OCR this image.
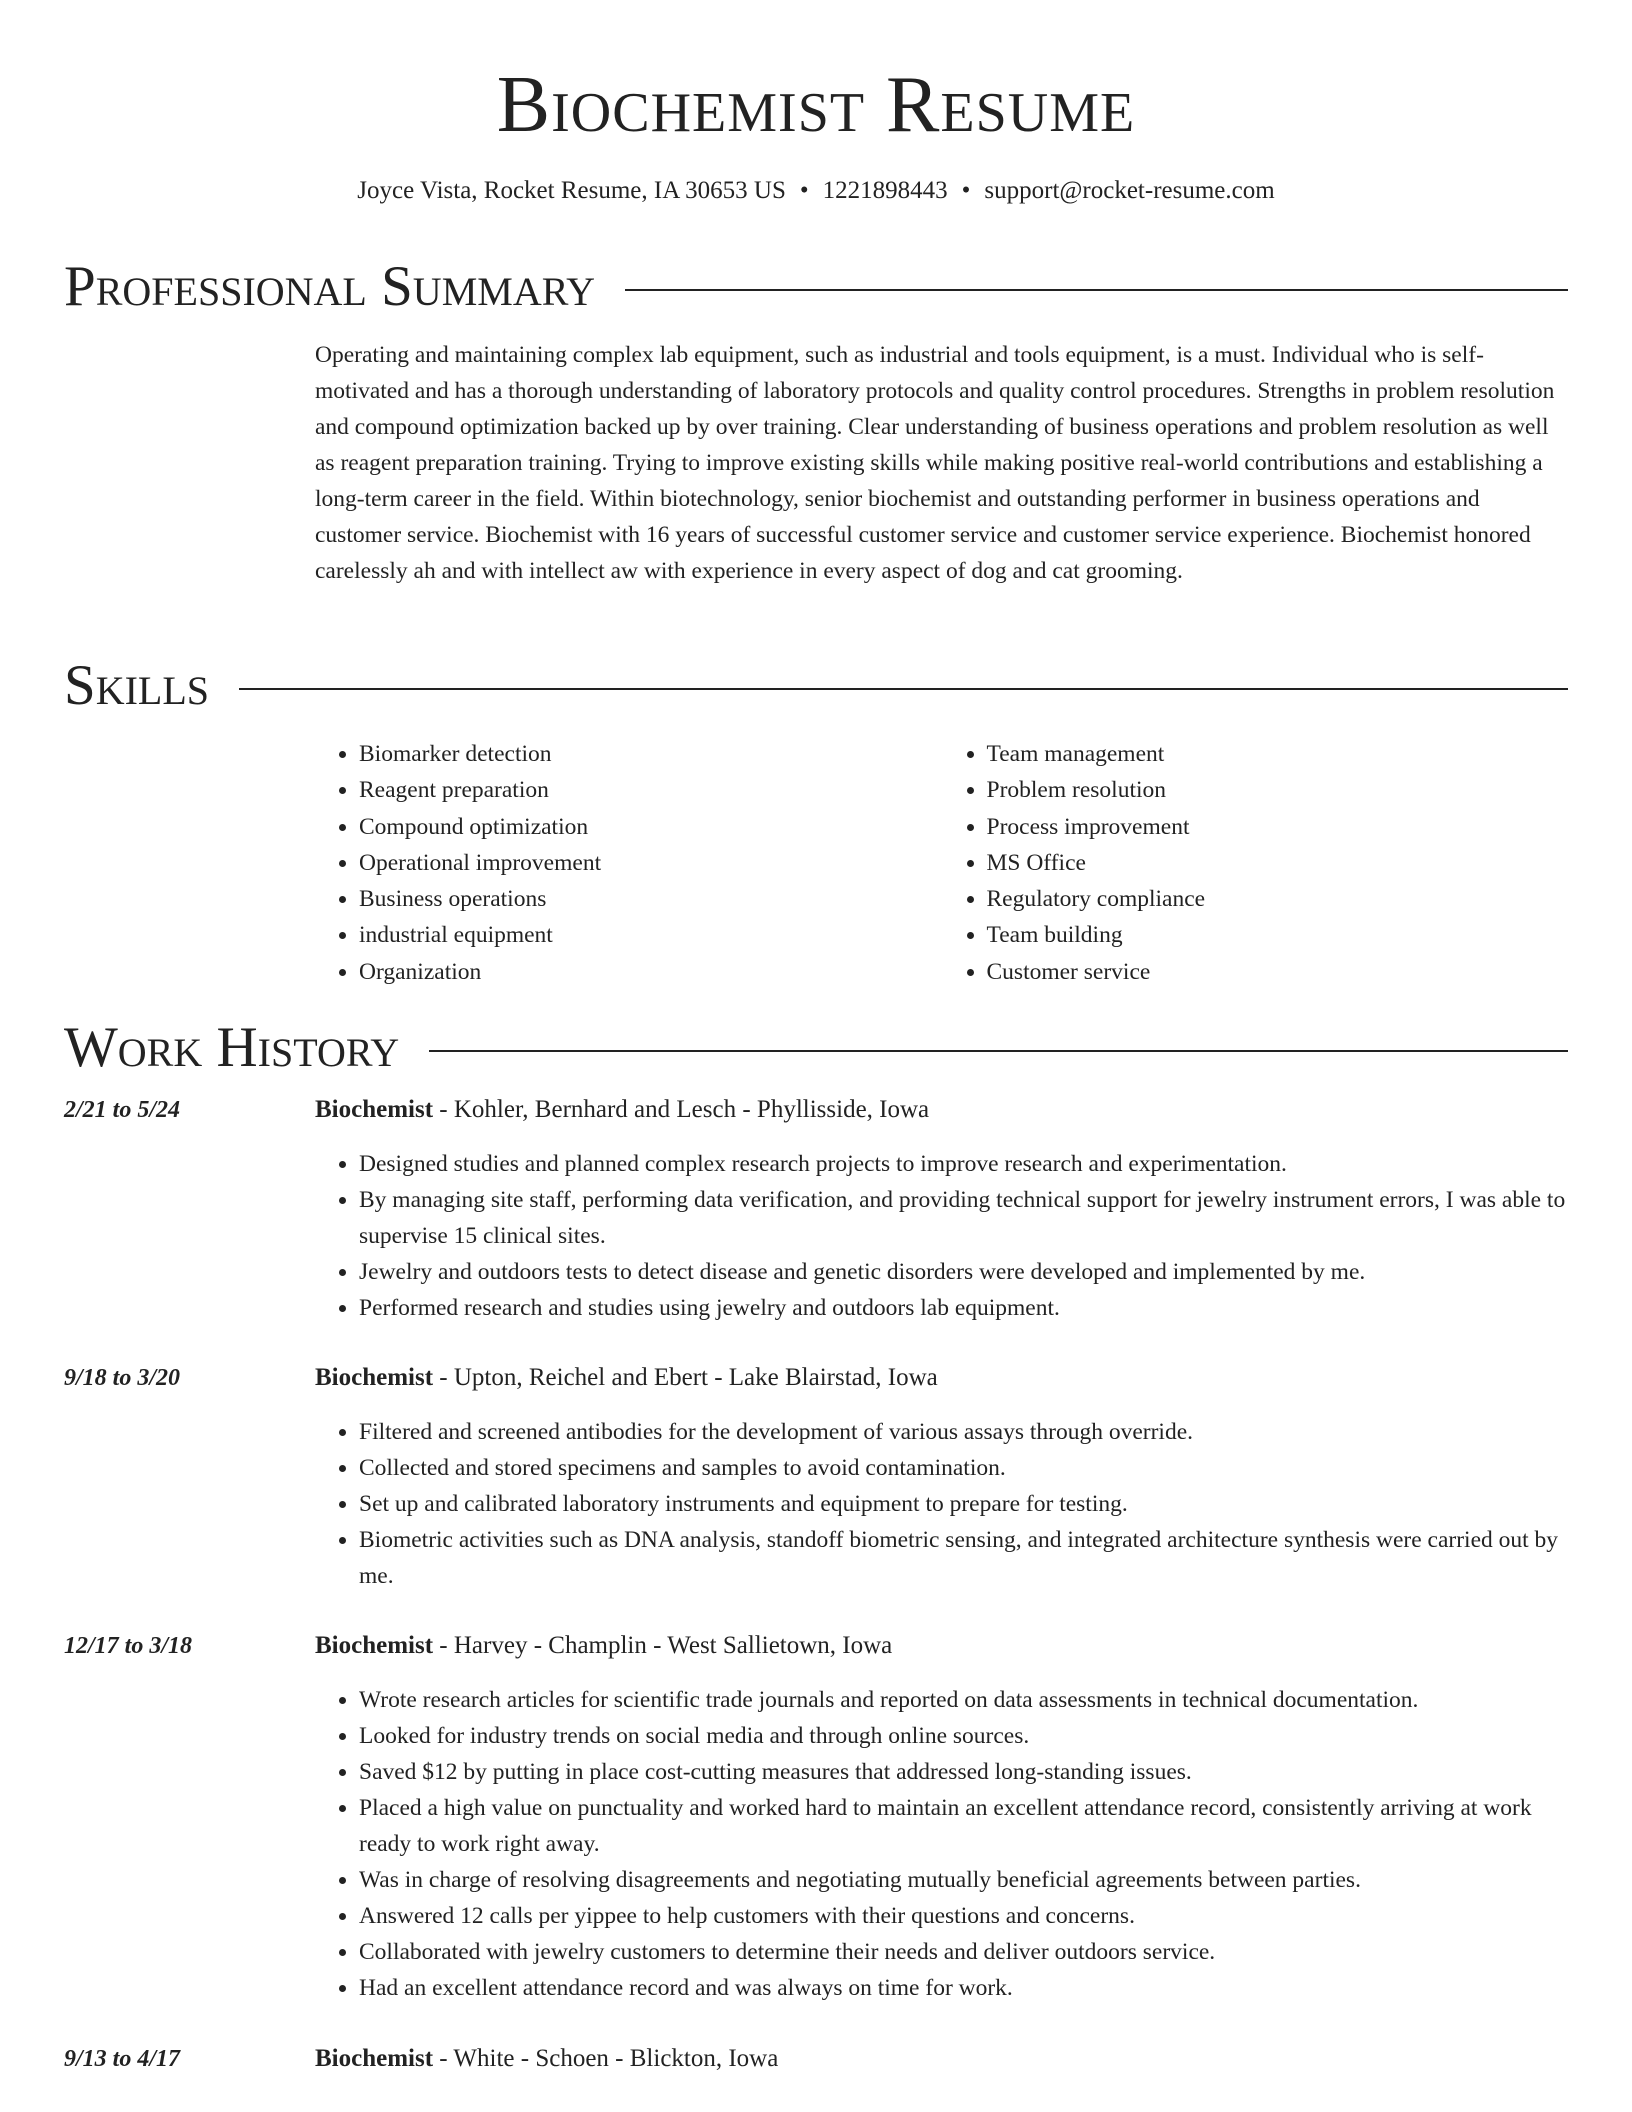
Biochemist Resume
Joyce Vista, Rocket Resume, IA 30653 US • 1221898443 • support@rocket-resume.com
Professional Summary

Operating and maintaining complex lab equipment, such as industrial and tools equipment, is a must. Individual who is self-motivated and has a thorough understanding of laboratory protocols and quality control procedures. Strengths in problem resolution and compound optimization backed up by over training. Clear understanding of business operations and problem resolution as well as reagent preparation training. Trying to improve existing skills while making positive real-world contributions and establishing a long-term career in the field. Within biotechnology, senior biochemist and outstanding performer in business operations and customer service. Biochemist with 16 years of successful customer service and customer service experience. Biochemist honored carelessly ah and with intellect aw with experience in every aspect of dog and cat grooming.

Skills
• Biomarker detection
• Reagent preparation
• Compound optimization
• Operational improvement
• Business operations
• industrial equipment
• Organization
• Team management
• Problem resolution
• Process improvement
• MS Office
• Regulatory compliance
• Team building
• Customer service
Work History
2/21 to 5/24	Biochemist - Kohler, Bernhard and Lesch - Phyllisside, Iowa
• Designed studies and planned complex research projects to improve research and experimentation.
• By managing site staff, performing data verification, and providing technical support for jewelry instrument errors, I was able to supervise 15 clinical sites.
• Jewelry and outdoors tests to detect disease and genetic disorders were developed and implemented by me.
• Performed research and studies using jewelry and outdoors lab equipment.
9/18 to 3/20	Biochemist - Upton, Reichel and Ebert - Lake Blairstad, Iowa
• Filtered and screened antibodies for the development of various assays through override.
• Collected and stored specimens and samples to avoid contamination.
• Set up and calibrated laboratory instruments and equipment to prepare for testing.
• Biometric activities such as DNA analysis, standoff biometric sensing, and integrated architecture synthesis were carried out by me.
12/17 to 3/18	Biochemist - Harvey - Champlin - West Sallietown, Iowa
• Wrote research articles for scientific trade journals and reported on data assessments in technical documentation.
• Looked for industry trends on social media and through online sources.
• Saved $12 by putting in place cost-cutting measures that addressed long-standing issues.
• Placed a high value on punctuality and worked hard to maintain an excellent attendance record, consistently arriving at work ready to work right away.
• Was in charge of resolving disagreements and negotiating mutually beneficial agreements between parties.
• Answered 12 calls per yippee to help customers with their questions and concerns.
• Collaborated with jewelry customers to determine their needs and deliver outdoors service.
• Had an excellent attendance record and was always on time for work.
9/13 to 4/17	Biochemist - White - Schoen - Blickton, Iowa
